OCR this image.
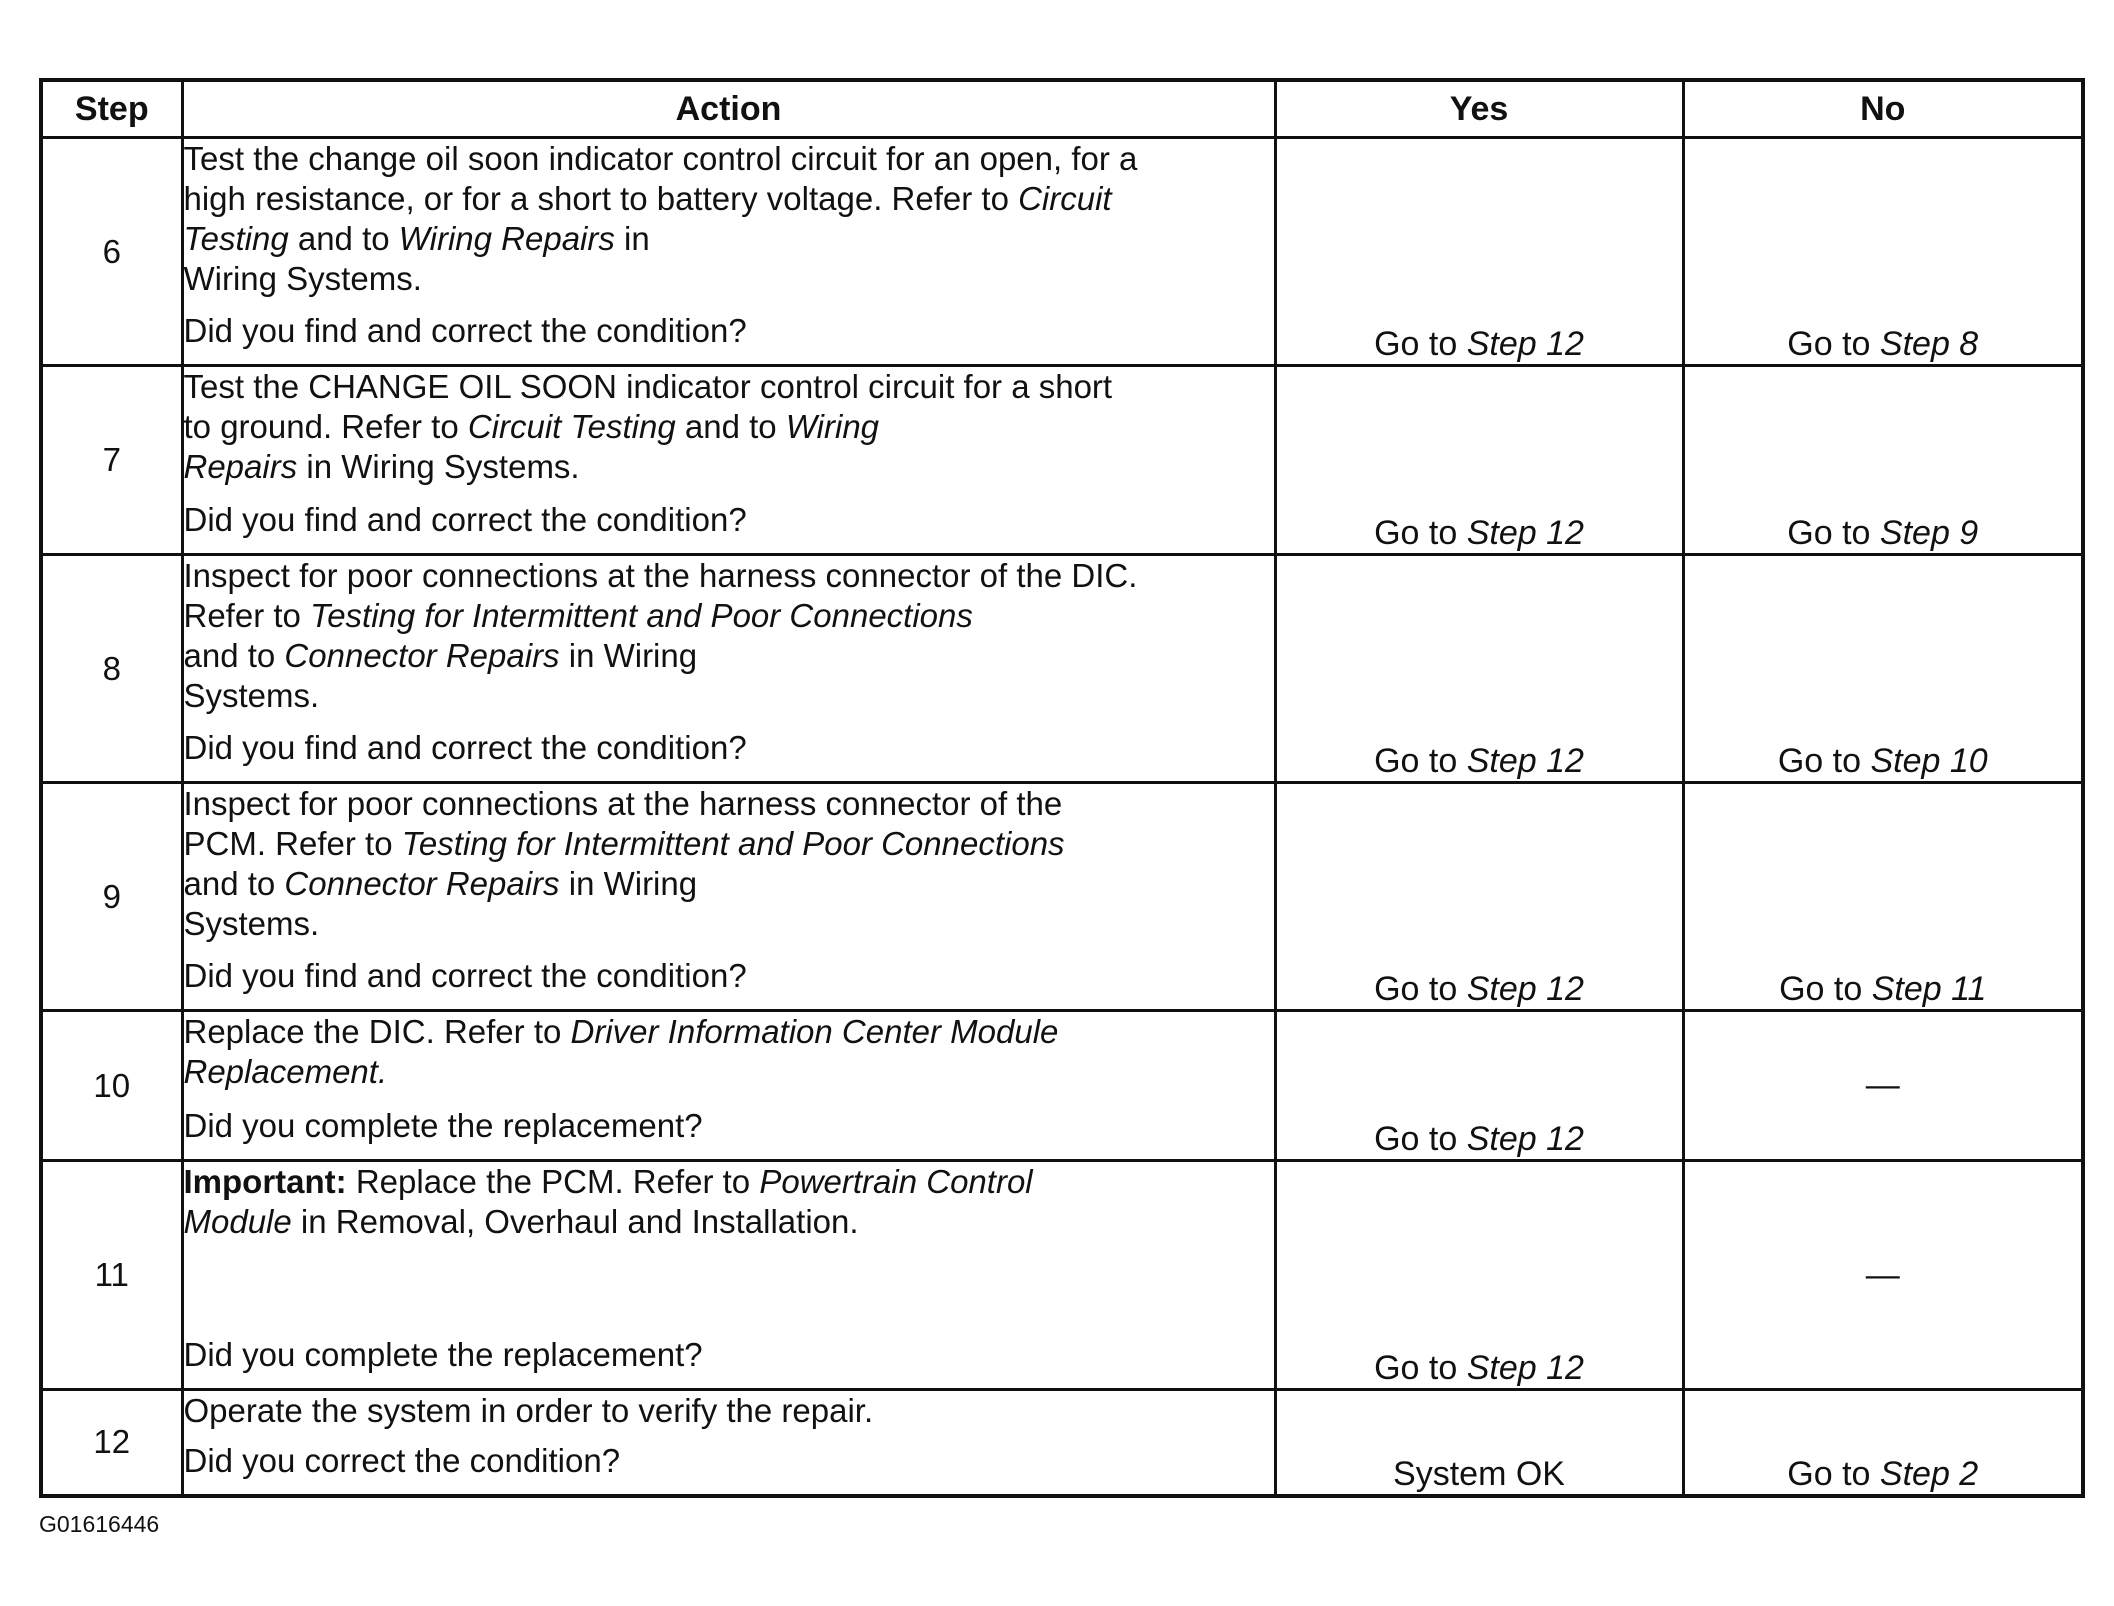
Step	Action	Yes	No
6	Test the change oil soon indicator control circuit for an open, for a
high resistance, or for a short to battery voltage. Refer to Circuit
Testing and to Wiring Repairs in
Wiring Systems.
Did you find and correct the condition?	Go to Step 12	Go to Step 8
7	Test the CHANGE OIL SOON indicator control circuit for a short
to ground. Refer to Circuit Testing and to Wiring
Repairs in Wiring Systems.
Did you find and correct the condition?	Go to Step 12	Go to Step 9
8	Inspect for poor connections at the harness connector of the DIC.
Refer to Testing for Intermittent and Poor Connections
and to Connector Repairs in Wiring
Systems.
Did you find and correct the condition?	Go to Step 12	Go to Step 10
9	Inspect for poor connections at the harness connector of the
PCM. Refer to Testing for Intermittent and Poor Connections
and to Connector Repairs in Wiring
Systems.
Did you find and correct the condition?	Go to Step 12	Go to Step 11
10	Replace the DIC. Refer to Driver Information Center Module
Replacement.
Did you complete the replacement?	Go to Step 12	—
11	Important: Replace the PCM. Refer to Powertrain Control
Module in Removal, Overhaul and Installation.
Did you complete the replacement?	Go to Step 12	—
12	Operate the system in order to verify the repair.
Did you correct the condition?	System OK	Go to Step 2
G01616446
